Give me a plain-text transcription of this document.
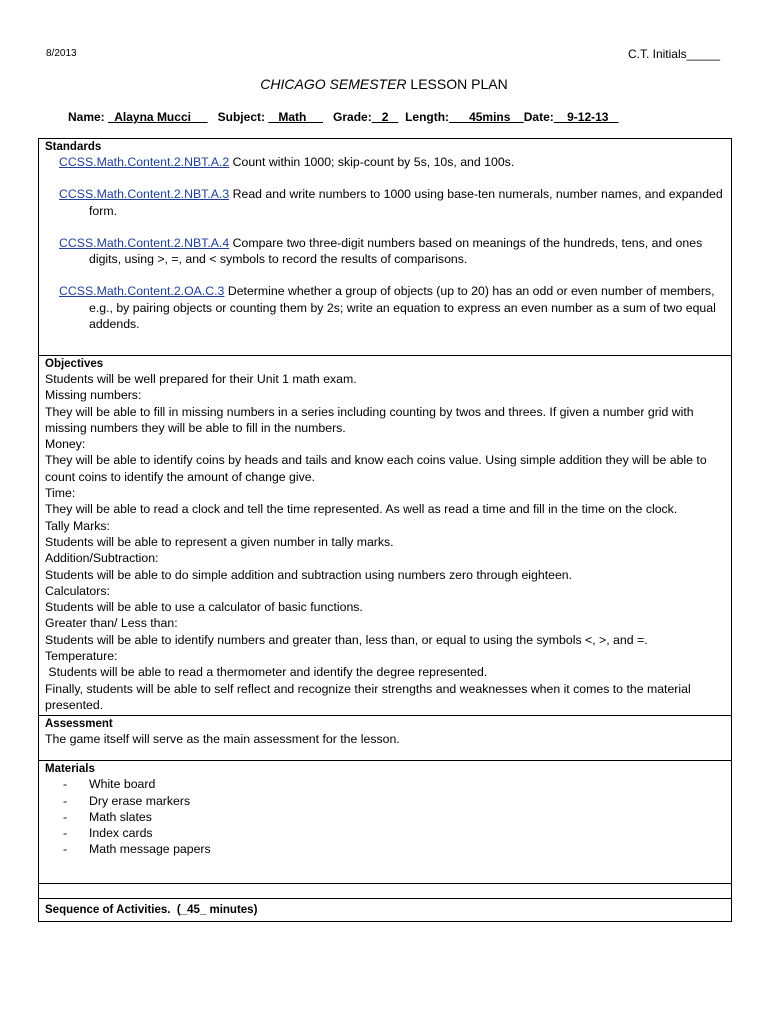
8/2013	C.T. Initials_____
CHICAGO SEMESTER LESSON PLAN
Name:   Alayna Mucci        Subject:    Math        Grade:   2     Length:      45mins    Date:    9-12-13
Standards
CCSS.Math.Content.2.NBT.A.2 Count within 1000; skip-count by 5s, 10s, and 100s.
CCSS.Math.Content.2.NBT.A.3 Read and write numbers to 1000 using base-ten numerals, number names, and expanded form.
CCSS.Math.Content.2.NBT.A.4 Compare two three-digit numbers based on meanings of the hundreds, tens, and ones digits, using >, =, and < symbols to record the results of comparisons.
CCSS.Math.Content.2.OA.C.3 Determine whether a group of objects (up to 20) has an odd or even number of members, e.g., by pairing objects or counting them by 2s; write an equation to express an even number as a sum of two equal addends.

Objectives
Students will be well prepared for their Unit 1 math exam.
Missing numbers:
They will be able to fill in missing numbers in a series including counting by twos and threes. If given a number grid with missing numbers they will be able to fill in the numbers.
Money:
They will be able to identify coins by heads and tails and know each coins value. Using simple addition they will be able to count coins to identify the amount of change give.
Time:
They will be able to read a clock and tell the time represented. As well as read a time and fill in the time on the clock.
Tally Marks:
Students will be able to represent a given number in tally marks.
Addition/Subtraction:
Students will be able to do simple addition and subtraction using numbers zero through eighteen.
Calculators:
Students will be able to use a calculator of basic functions.
Greater than/ Less than:
Students will be able to identify numbers and greater than, less than, or equal to using the symbols <, >, and =.
Temperature:
Students will be able to read a thermometer and identify the degree represented.
Finally, students will be able to self reflect and recognize their strengths and weaknesses when it comes to the material presented.

Assessment
The game itself will serve as the main assessment for the lesson.

Materials
- White board
- Dry erase markers
- Math slates
- Index cards
- Math message papers

Sequence of Activities.  (_45_ minutes)
